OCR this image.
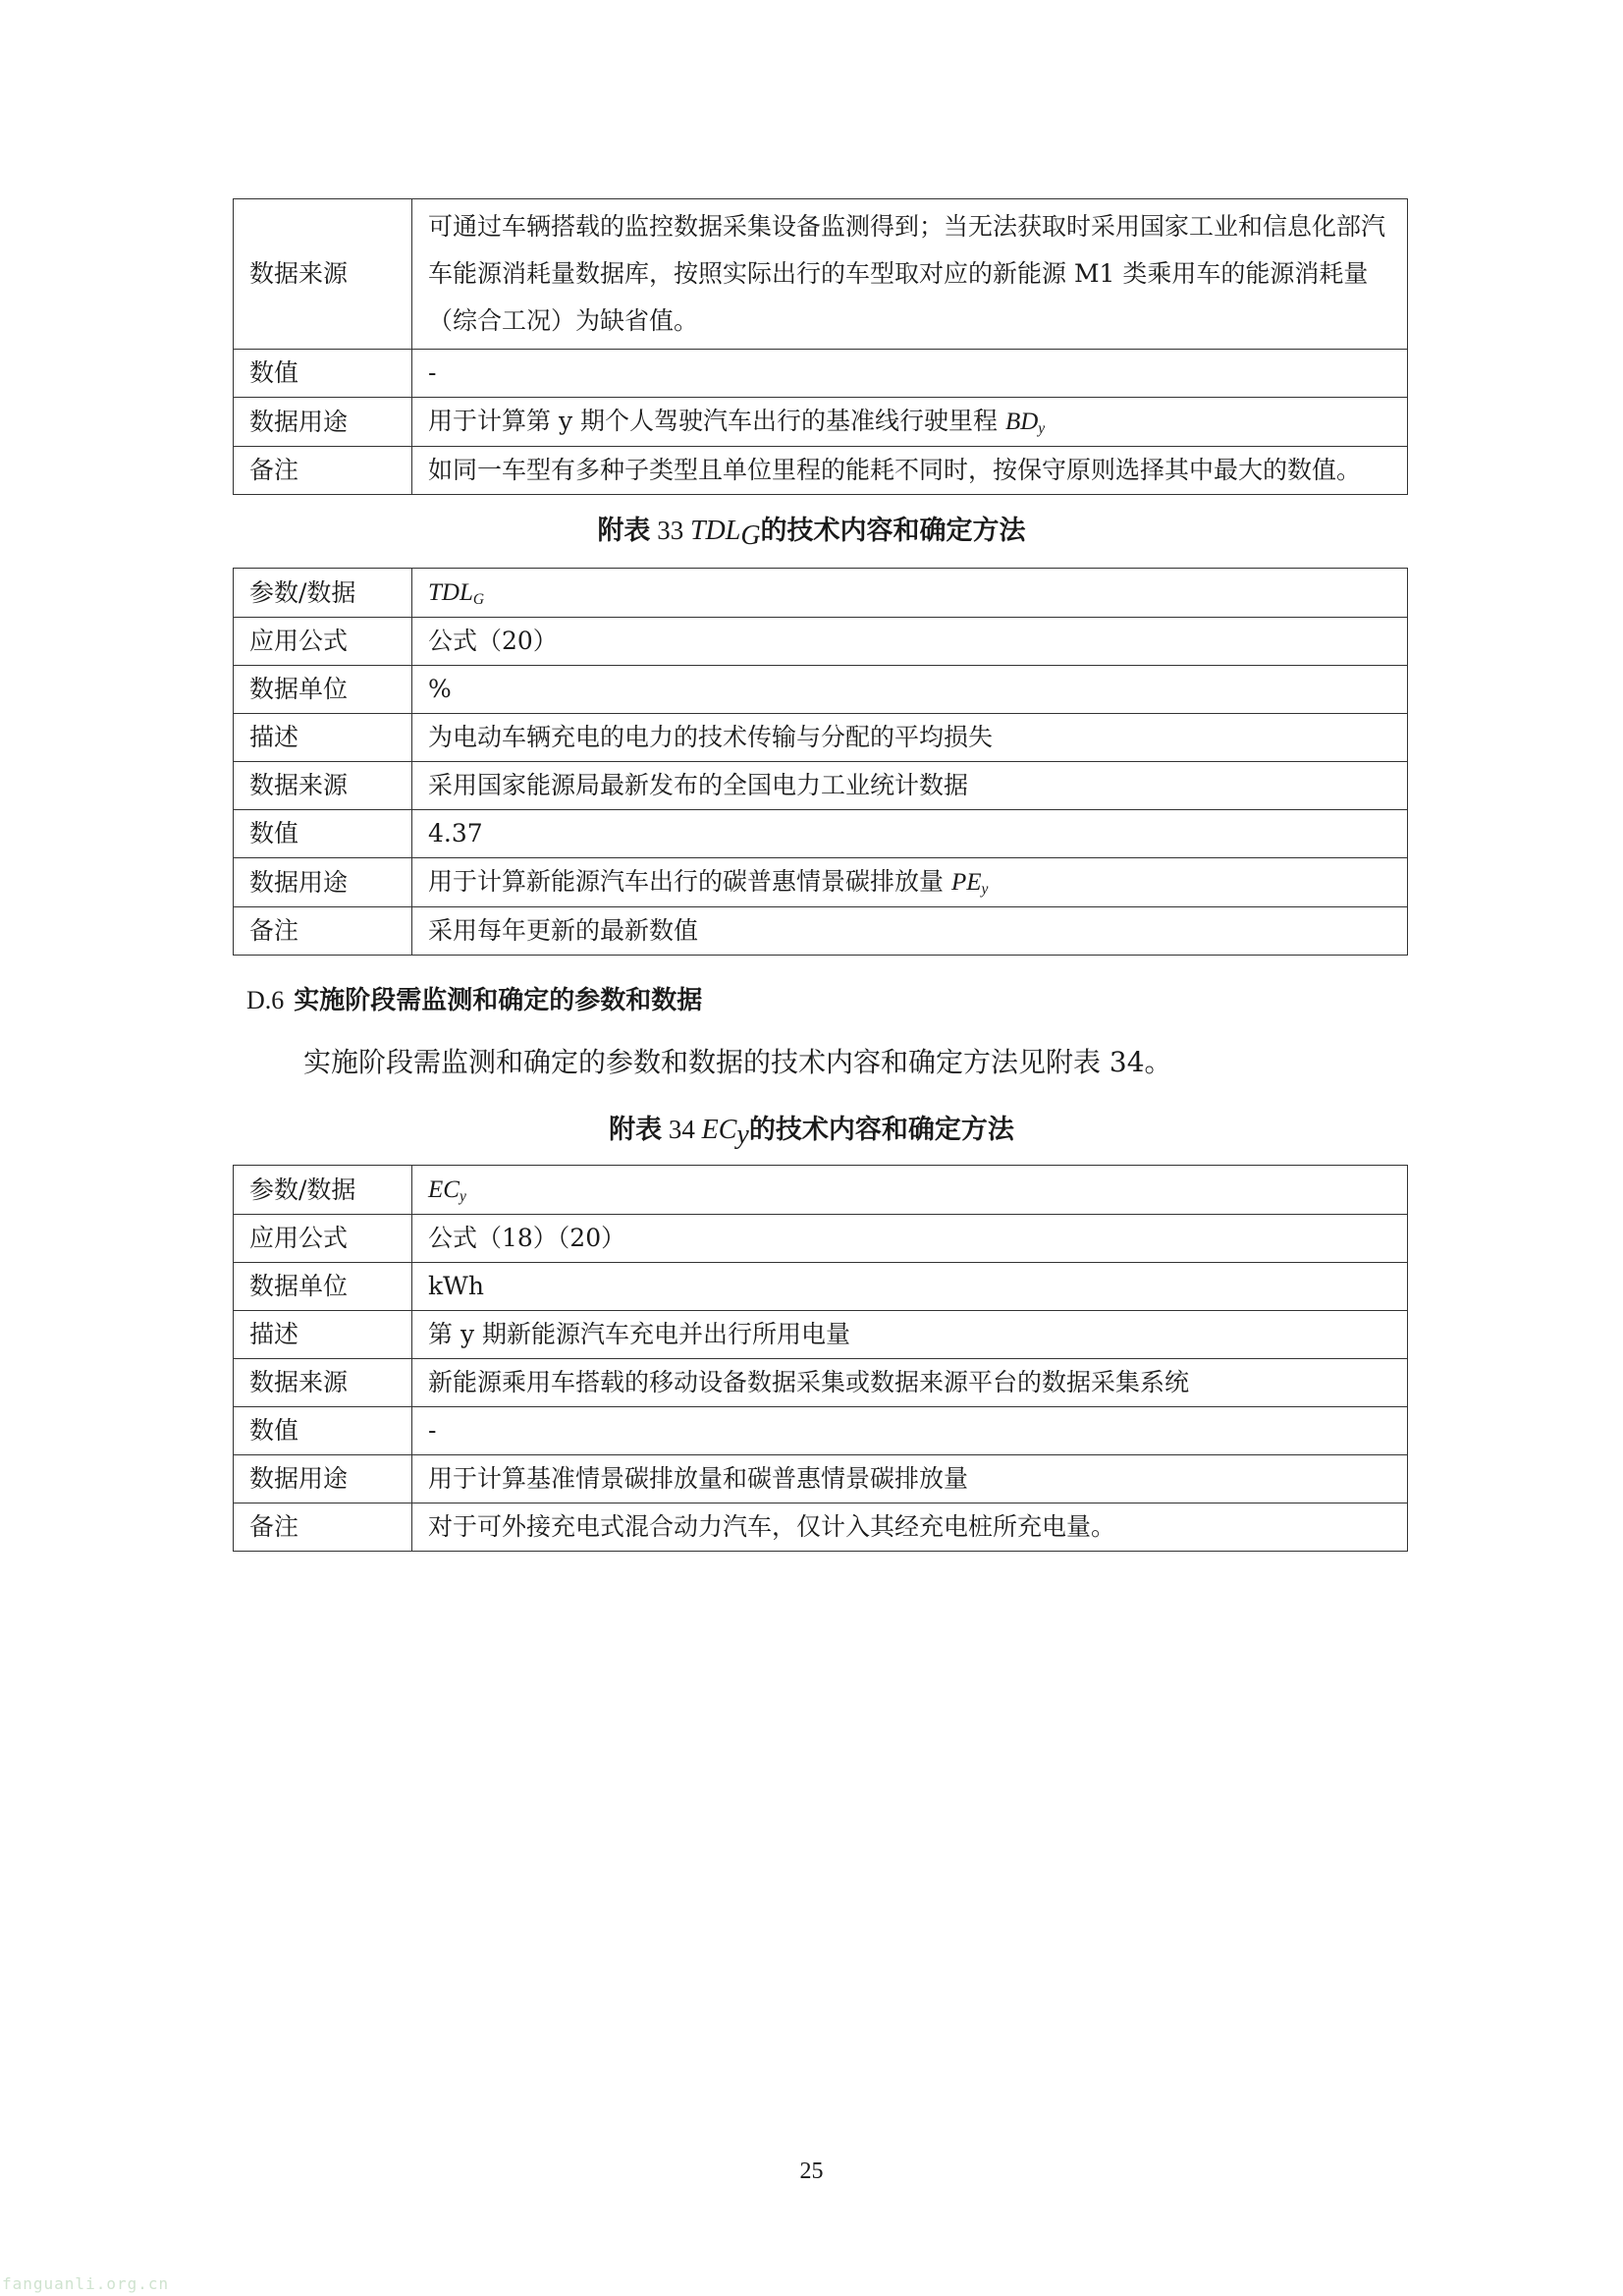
数据来源	可通过车辆搭载的监控数据采集设备监测得到；当无法获取时采用国家工业和信息化部汽车能源消耗量数据库，按照实际出行的车型取对应的新能源 M1 类乘用车的能源消耗量（综合工况）为缺省值。
数值	-
数据用途	用于计算第 y 期个人驾驶汽车出行的基准线行驶里程 $BD_y$
备注	如同一车型有多种子类型且单位里程的能耗不同时，按保守原则选择其中最大的数值。
附表 33 $TDL_G$的技术内容和确定方法
参数/数据	$TDL_G$
应用公式	公式（20）
数据单位	%
描述	为电动车辆充电的电力的技术传输与分配的平均损失
数据来源	采用国家能源局最新发布的全国电力工业统计数据
数值	4.37
数据用途	用于计算新能源汽车出行的碳普惠情景碳排放量 $PE_y$
备注	采用每年更新的最新数值
D.6 实施阶段需监测和确定的参数和数据

实施阶段需监测和确定的参数和数据的技术内容和确定方法见附表 34。

附表 34 $EC_y$的技术内容和确定方法
参数/数据	$EC_y$
应用公式	公式（18）（20）
数据单位	kWh
描述	第 y 期新能源汽车充电并出行所用电量
数据来源	新能源乘用车搭载的移动设备数据采集或数据来源平台的数据采集系统
数值	-
数据用途	用于计算基准情景碳排放量和碳普惠情景碳排放量
备注	对于可外接充电式混合动力汽车，仅计入其经充电桩所充电量。
25
fanguanli.org.cn
